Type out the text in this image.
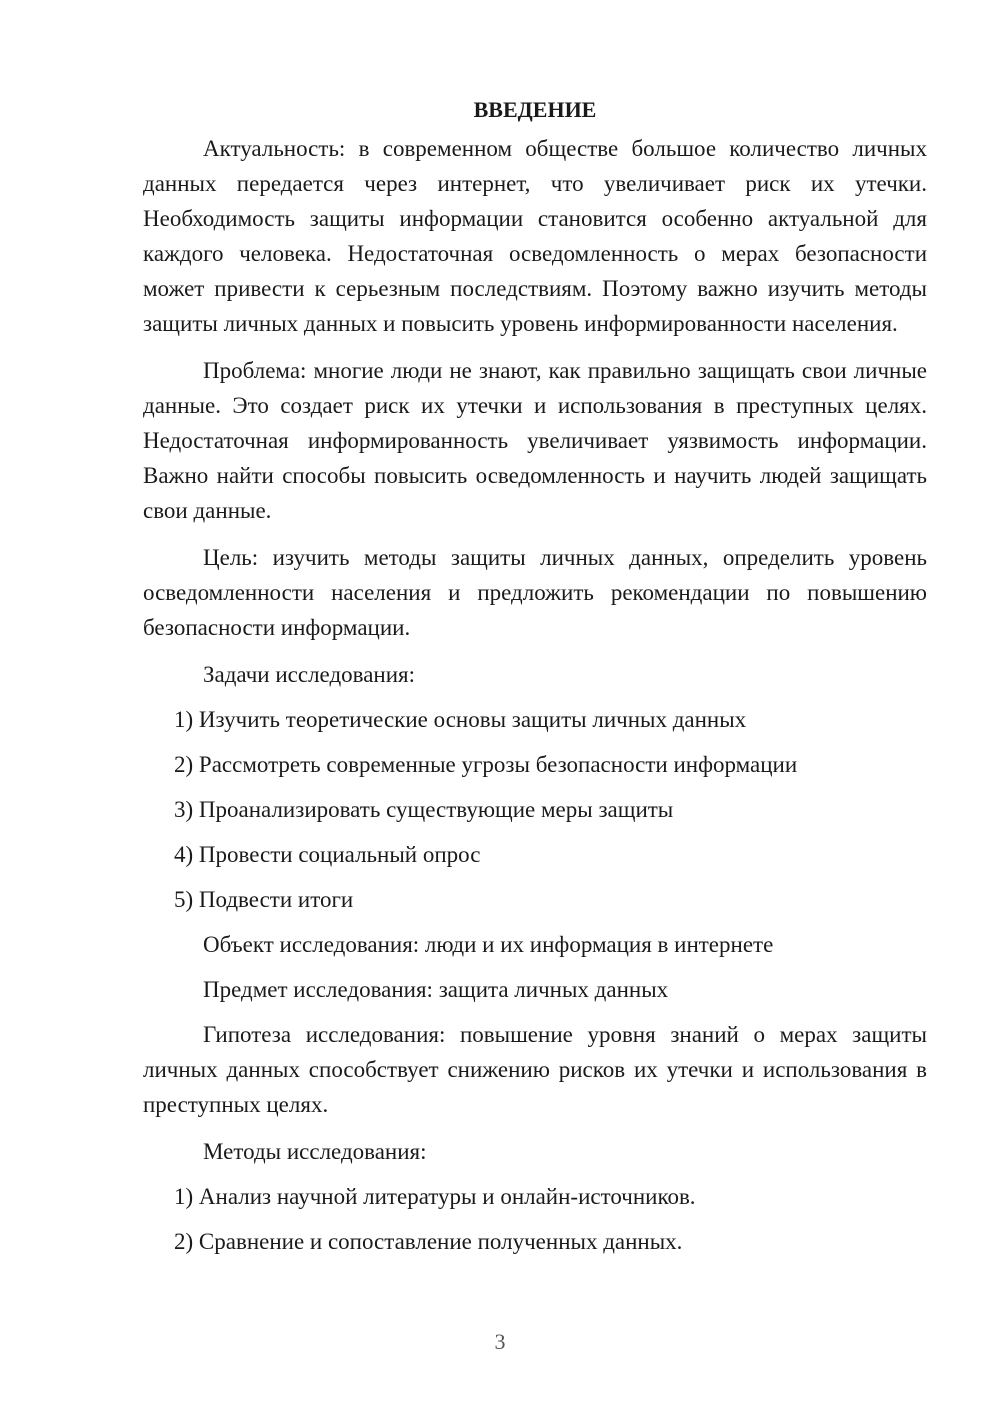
ВВЕДЕНИЕ

Актуальность: в современном обществе большое количество личных данных передается через интернет, что увеличивает риск их утечки. Необходимость защиты информации становится особенно актуальной для каждого человека. Недостаточная осведомленность о мерах безопасности может привести к серьезным последствиям. Поэтому важно изучить методы защиты личных данных и повысить уровень информированности населения.

Проблема: многие люди не знают, как правильно защищать свои личные данные. Это создает риск их утечки и использования в преступных целях. Недостаточная информированность увеличивает уязвимость информации. Важно найти способы повысить осведомленность и научить людей защищать свои данные.

Цель: изучить методы защиты личных данных, определить уровень осведомленности населения и предложить рекомендации по повышению безопасности информации.

Задачи исследования:

1) Изучить теоретические основы защиты личных данных

2) Рассмотреть современные угрозы безопасности информации

3) Проанализировать существующие меры защиты

4) Провести социальный опрос

5) Подвести итоги

Объект исследования: люди и их информация в интернете

Предмет исследования: защита личных данных

Гипотеза исследования: повышение уровня знаний о мерах защиты личных данных способствует снижению рисков их утечки и использования в преступных целях.

Методы исследования:

1) Анализ научной литературы и онлайн-источников.

2) Сравнение и сопоставление полученных данных.

3
